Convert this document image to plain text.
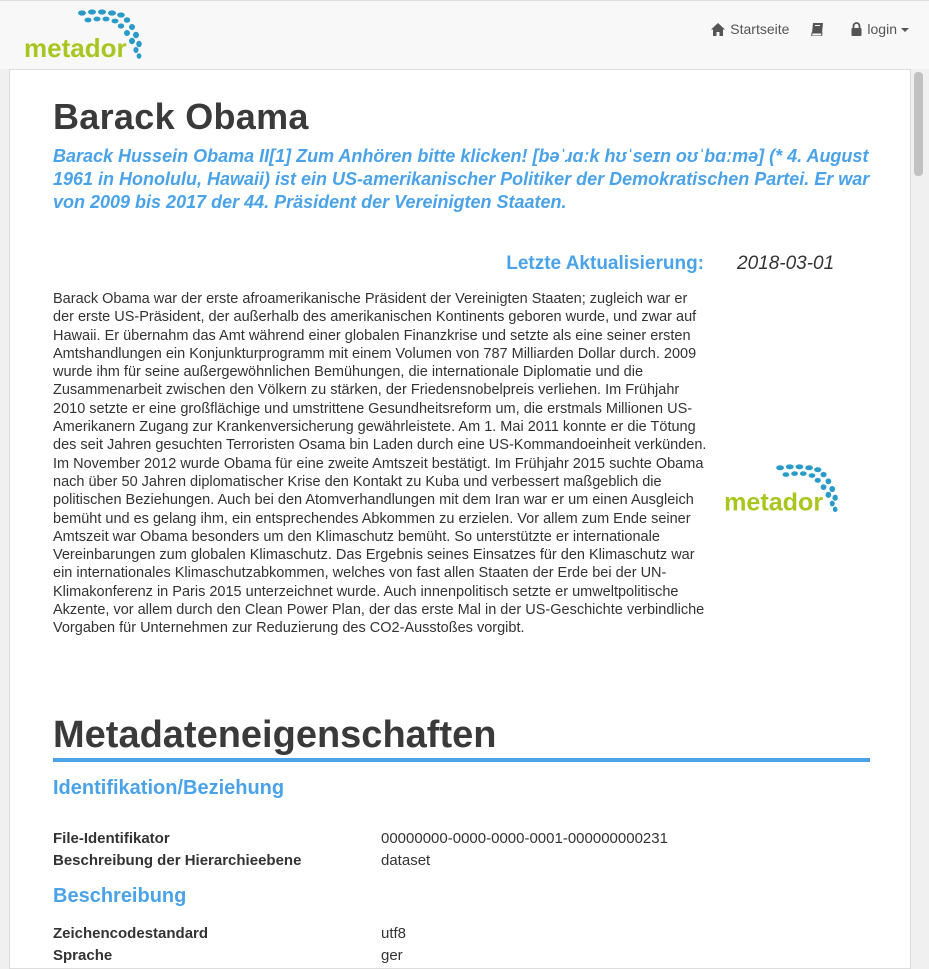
metador
Startseite	login
Barack Obama
Barack Hussein Obama II[1] Zum Anhören bitte klicken! [bəˈɹɑːk hʊˈseɪn oʊˈbɑːmə] (* 4. August 1961 in Honolulu, Hawaii) ist ein US-amerikanischer Politiker der Demokratischen Partei. Er war von 2009 bis 2017 der 44. Präsident der Vereinigten Staaten.
Letzte Aktualisierung: 2018-03-01
Barack Obama war der erste afroamerikanische Präsident der Vereinigten Staaten; zugleich war er der erste US-Präsident, der außerhalb des amerikanischen Kontinents geboren wurde, und zwar auf Hawaii. Er übernahm das Amt während einer globalen Finanzkrise und setzte als eine seiner ersten Amtshandlungen ein Konjunkturprogramm mit einem Volumen von 787 Milliarden Dollar durch. 2009 wurde ihm für seine außergewöhnlichen Bemühungen, die internationale Diplomatie und die Zusammenarbeit zwischen den Völkern zu stärken, der Friedensnobelpreis verliehen. Im Frühjahr 2010 setzte er eine großflächige und umstrittene Gesundheitsreform um, die erstmals Millionen US-Amerikanern Zugang zur Krankenversicherung gewährleistete. Am 1. Mai 2011 konnte er die Tötung des seit Jahren gesuchten Terroristen Osama bin Laden durch eine US-Kommandoeinheit verkünden. Im November 2012 wurde Obama für eine zweite Amtszeit bestätigt. Im Frühjahr 2015 suchte Obama nach über 50 Jahren diplomatischer Krise den Kontakt zu Kuba und verbessert maßgeblich die politischen Beziehungen. Auch bei den Atomverhandlungen mit dem Iran war er um einen Ausgleich bemüht und es gelang ihm, ein entsprechendes Abkommen zu erzielen. Vor allem zum Ende seiner Amtszeit war Obama besonders um den Klimaschutz bemüht. So unterstützte er internationale Vereinbarungen zum globalen Klimaschutz. Das Ergebnis seines Einsatzes für den Klimaschutz war ein internationales Klimaschutzabkommen, welches von fast allen Staaten der Erde bei der UN-Klimakonferenz in Paris 2015 unterzeichnet wurde. Auch innenpolitisch setzte er umweltpolitische Akzente, vor allem durch den Clean Power Plan, der das erste Mal in der US-Geschichte verbindliche Vorgaben für Unternehmen zur Reduzierung des CO2-Ausstoßes vorgibt.
metador
Metadateneigenschaften
Identifikation/Beziehung
File-Identifikator	00000000-0000-0000-0001-000000000231
Beschreibung der Hierarchieebene	dataset
Beschreibung
Zeichencodestandard	utf8
Sprache	ger
